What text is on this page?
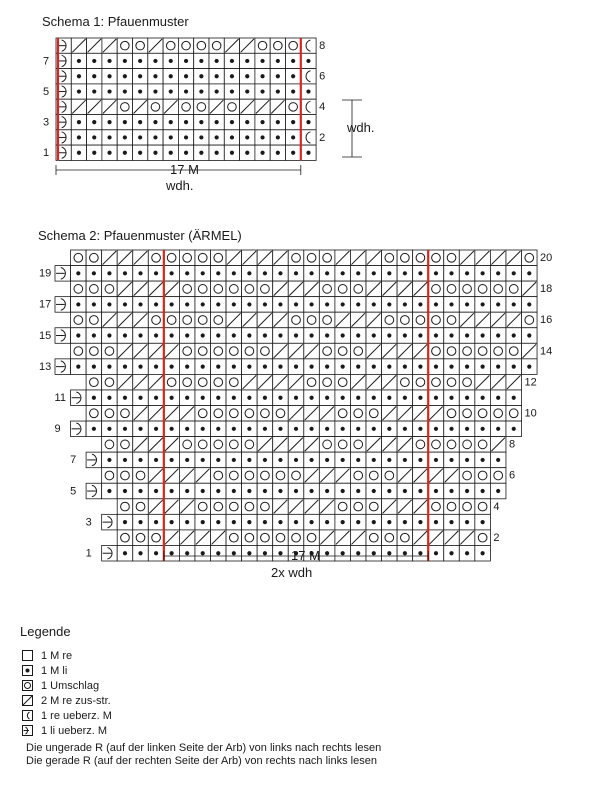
Schema 1: Pfauenmuster
Schema 2: Pfauenmuster (ÄRMEL)
1
3
5
7
2
4
6
8
17 M
wdh.
wdh.
1
3
5
7
9
11
13
15
17
19
2
4
6
8
10
12
14
16
18
20
17 M
2x wdh
Legende
1 M re
1 M li
1 Umschlag
2 M re zus-str.
1 re ueberz. M
1 li ueberz. M
Die ungerade R (auf der linken Seite der Arb) von links nach rechts lesen
Die gerade R (auf der rechten Seite der Arb) von rechts nach links lesen
